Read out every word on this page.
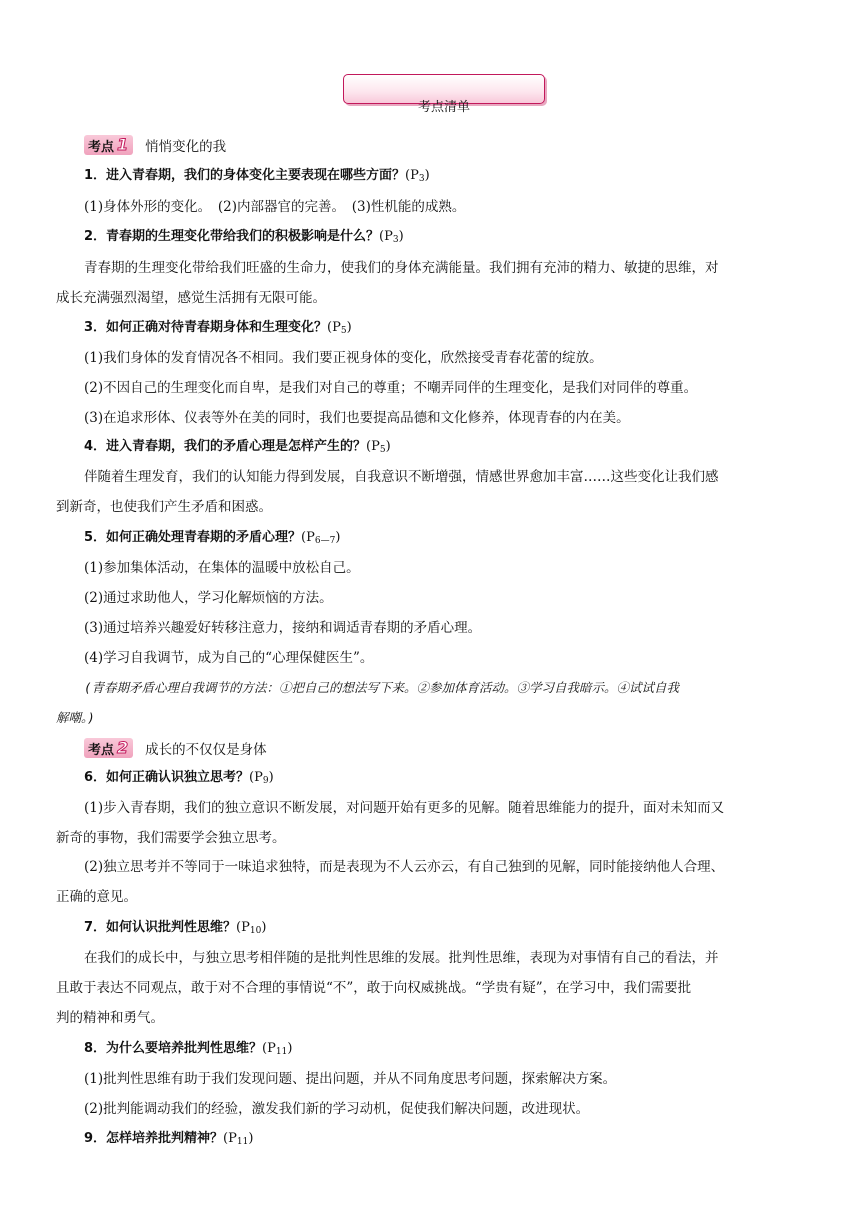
考点清单
考点 1 悄悄变化的我
1．进入青春期，我们的身体变化主要表现在哪些方面？$(P_3)$
(1)身体外形的变化。　(2)内部器官的完善。　(3)性机能的成熟。
2．青春期的生理变化带给我们的积极影响是什么？$(P_3)$
青春期的生理变化带给我们旺盛的生命力，使我们的身体充满能量。我们拥有充沛的精力、敏捷的思维，对
成长充满强烈渴望，感觉生活拥有无限可能。
3．如何正确对待青春期身体和生理变化？$(P_5)$
(1)我们身体的发育情况各不相同。我们要正视身体的变化，欣然接受青春花蕾的绽放。
(2)不因自己的生理变化而自卑，是我们对自己的尊重；不嘲弄同伴的生理变化，是我们对同伴的尊重。
(3)在追求形体、仪表等外在美的同时，我们也要提高品德和文化修养，体现青春的内在美。
4．进入青春期，我们的矛盾心理是怎样产生的？$(P_5)$
伴随着生理发育，我们的认知能力得到发展，自我意识不断增强，情感世界愈加丰富……这些变化让我们感
到新奇，也使我们产生矛盾和困惑。
5．如何正确处理青春期的矛盾心理？$(P_{6—7})$
(1)参加集体活动，在集体的温暖中放松自己。
(2)通过求助他人，学习化解烦恼的方法。
(3)通过培养兴趣爱好转移注意力，接纳和调适青春期的矛盾心理。
(4)学习自我调节，成为自己的“心理保健医生”。
(青春期矛盾心理自我调节的方法：①把自己的想法写下来。②参加体育活动。③学习自我暗示。④试试自我
解嘲。)
考点 2 成长的不仅仅是身体
6．如何正确认识独立思考？$(P_9)$
(1)步入青春期，我们的独立意识不断发展，对问题开始有更多的见解。随着思维能力的提升，面对未知而又
新奇的事物，我们需要学会独立思考。
(2)独立思考并不等同于一味追求独特，而是表现为不人云亦云，有自己独到的见解，同时能接纳他人合理、
正确的意见。
7．如何认识批判性思维？$(P_{10})$
在我们的成长中，与独立思考相伴随的是批判性思维的发展。批判性思维，表现为对事情有自己的看法，并
且敢于表达不同观点，敢于对不合理的事情说“不”，敢于向权威挑战。“学贵有疑”，在学习中，我们需要批
判的精神和勇气。
8．为什么要培养批判性思维？$(P_{11})$
(1)批判性思维有助于我们发现问题、提出问题，并从不同角度思考问题，探索解决方案。
(2)批判能调动我们的经验，激发我们新的学习动机，促使我们解决问题，改进现状。
9．怎样培养批判精神？$(P_{11})$
